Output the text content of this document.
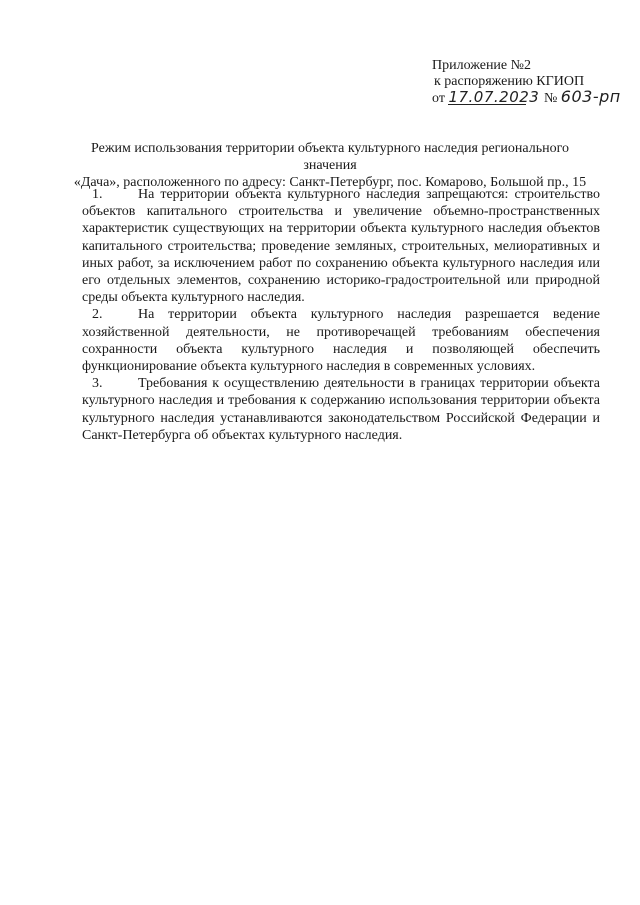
Приложение №2
к распоряжению КГИОП
от 17.07.2023 № 603-рп
Режим использования территории объекта культурного наследия регионального значения
«Дача», расположенного по адресу: Санкт-Петербург, пос. Комарово, Большой пр., 15

1.	На территории объекта культурного наследия запрещаются: строительство объектов капитального строительства и увеличение объемно-пространственных характеристик существующих на территории объекта культурного наследия объектов капитального строительства; проведение земляных, строительных, мелиоративных и иных работ, за исключением работ по сохранению объекта культурного наследия или его отдельных элементов, сохранению историко-градостроительной или природной среды объекта культурного наследия.

2.	На территории объекта культурного наследия разрешается ведение хозяйственной деятельности, не противоречащей требованиям обеспечения сохранности объекта культурного наследия и позволяющей обеспечить функционирование объекта культурного наследия в современных условиях.

3.	Требования к осуществлению деятельности в границах территории объекта культурного наследия и требования к содержанию использования территории объекта культурного наследия устанавливаются законодательством Российской Федерации и Санкт-Петербурга об объектах культурного наследия.
